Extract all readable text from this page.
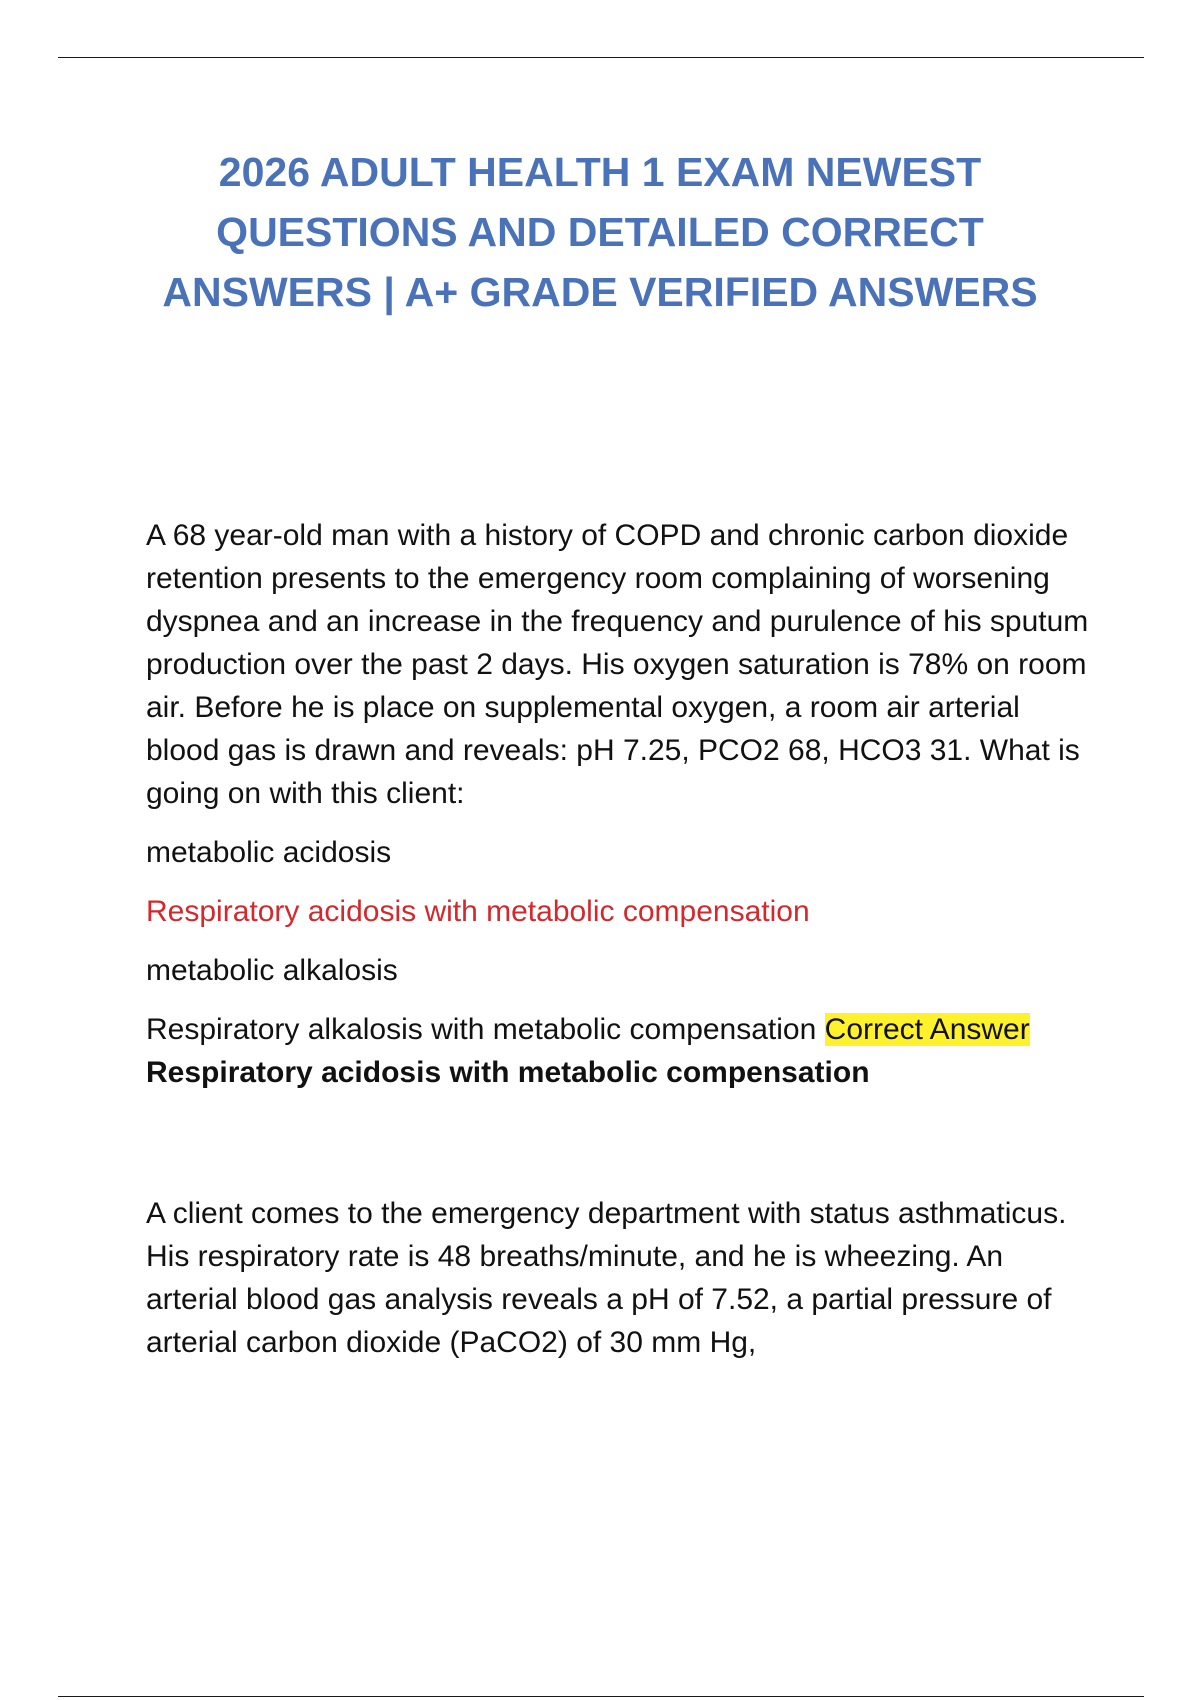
2026 ADULT HEALTH 1 EXAM NEWEST QUESTIONS AND DETAILED CORRECT ANSWERS | A+ GRADE VERIFIED ANSWERS

A 68 year-old man with a history of COPD and chronic carbon dioxide retention presents to the emergency room complaining of worsening dyspnea and an increase in the frequency and purulence of his sputum production over the past 2 days. His oxygen saturation is 78% on room air. Before he is place on supplemental oxygen, a room air arterial blood gas is drawn and reveals: pH 7.25, PCO2 68, HCO3 31. What is going on with this client:

metabolic acidosis

Respiratory acidosis with metabolic compensation

metabolic alkalosis

Respiratory alkalosis with metabolic compensation Correct Answer Respiratory acidosis with metabolic compensation

A client comes to the emergency department with status asthmaticus. His respiratory rate is 48 breaths/minute, and he is wheezing. An arterial blood gas analysis reveals a pH of 7.52, a partial pressure of arterial carbon dioxide (PaCO2) of 30 mm Hg,
